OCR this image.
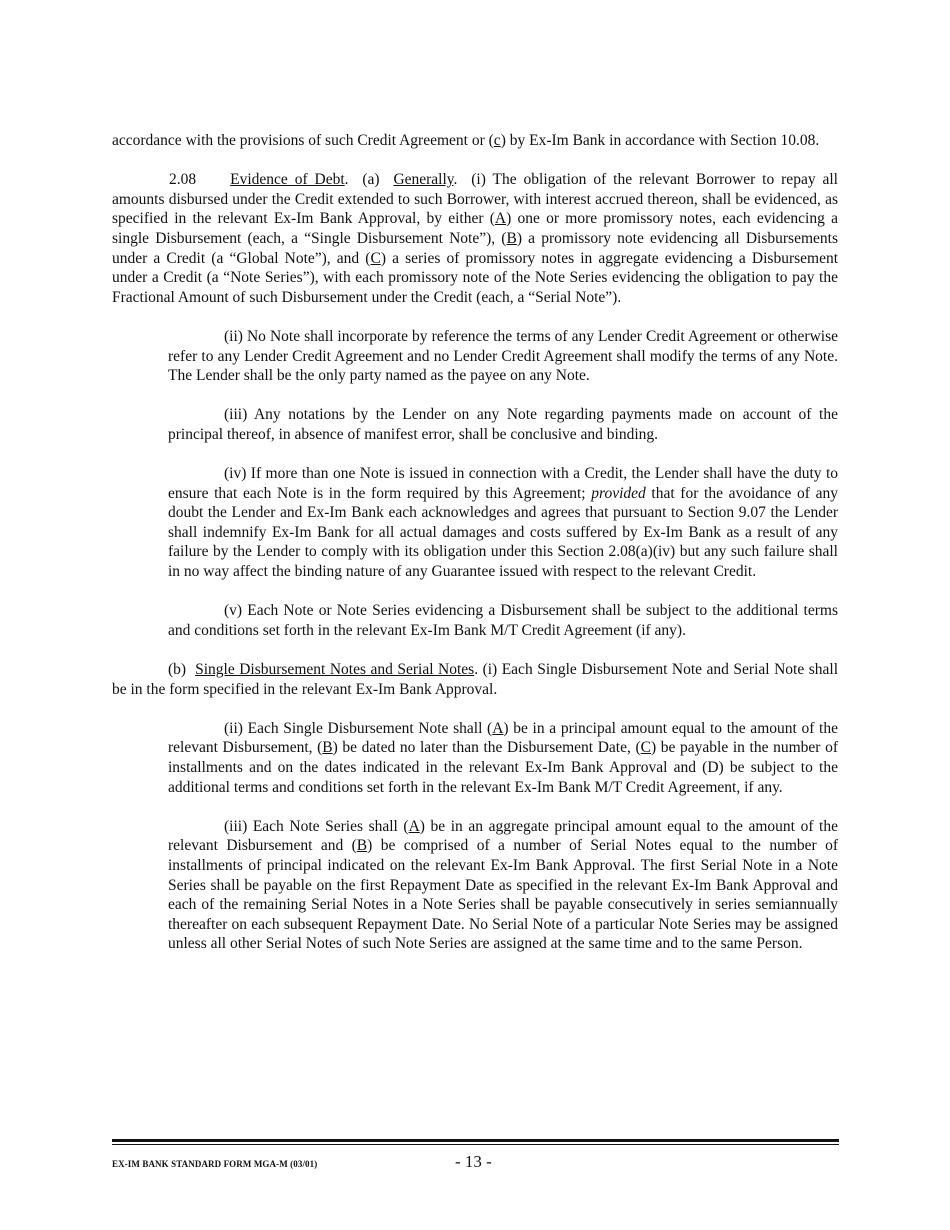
accordance with the provisions of such Credit Agreement or (c) by Ex-Im Bank in accordance with Section 10.08.

2.08 Evidence of Debt.  (a) Generally.  (i) The obligation of the relevant Borrower to repay all amounts disbursed under the Credit extended to such Borrower, with interest accrued thereon, shall be evidenced, as specified in the relevant Ex-Im Bank Approval, by either (A) one or more promissory notes, each evidencing a single Disbursement (each, a “Single Disbursement Note”), (B) a promissory note evidencing all Disbursements under a Credit (a “Global Note”), and (C) a series of promissory notes in aggregate evidencing a Disbursement under a Credit (a “Note Series”), with each promissory note of the Note Series evidencing the obligation to pay the Fractional Amount of such Disbursement under the Credit (each, a “Serial Note”).

(ii) No Note shall incorporate by reference the terms of any Lender Credit Agreement or otherwise refer to any Lender Credit Agreement and no Lender Credit Agreement shall modify the terms of any Note. The Lender shall be the only party named as the payee on any Note.

(iii) Any notations by the Lender on any Note regarding payments made on account of the principal thereof, in absence of manifest error, shall be conclusive and binding.

(iv) If more than one Note is issued in connection with a Credit, the Lender shall have the duty to ensure that each Note is in the form required by this Agreement; provided that for the avoidance of any doubt the Lender and Ex-Im Bank each acknowledges and agrees that pursuant to Section 9.07 the Lender shall indemnify Ex-Im Bank for all actual damages and costs suffered by Ex-Im Bank as a result of any failure by the Lender to comply with its obligation under this Section 2.08(a)(iv) but any such failure shall in no way affect the binding nature of any Guarantee issued with respect to the relevant Credit.

(v) Each Note or Note Series evidencing a Disbursement shall be subject to the additional terms and conditions set forth in the relevant Ex-Im Bank M/T Credit Agreement (if any).

(b) Single Disbursement Notes and Serial Notes. (i) Each Single Disbursement Note and Serial Note shall be in the form specified in the relevant Ex-Im Bank Approval.

(ii) Each Single Disbursement Note shall (A) be in a principal amount equal to the amount of the relevant Disbursement, (B) be dated no later than the Disbursement Date, (C) be payable in the number of installments and on the dates indicated in the relevant Ex-Im Bank Approval and (D) be subject to the additional terms and conditions set forth in the relevant Ex-Im Bank M/T Credit Agreement, if any.

(iii) Each Note Series shall (A) be in an aggregate principal amount equal to the amount of the relevant Disbursement and (B) be comprised of a number of Serial Notes equal to the number of installments of principal indicated on the relevant Ex-Im Bank Approval. The first Serial Note in a Note Series shall be payable on the first Repayment Date as specified in the relevant Ex-Im Bank Approval and each of the remaining Serial Notes in a Note Series shall be payable consecutively in series semiannually thereafter on each subsequent Repayment Date. No Serial Note of a particular Note Series may be assigned unless all other Serial Notes of such Note Series are assigned at the same time and to the same Person.

EX-IM BANK STANDARD FORM MGA-M (03/01)	- 13 -
